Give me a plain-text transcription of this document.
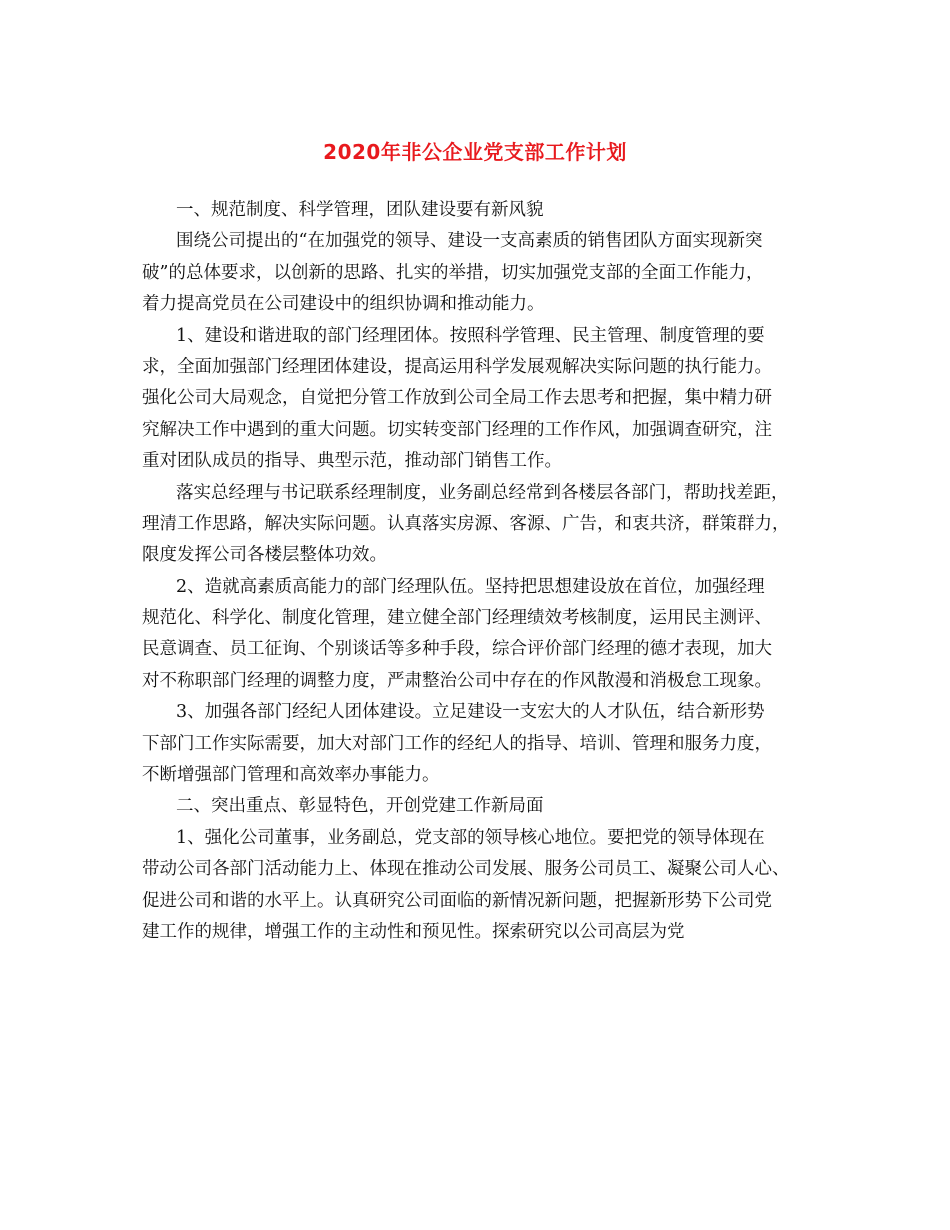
2020年非公企业党支部工作计划
一、规范制度、科学管理，团队建设要有新风貌
围绕公司提出的“在加强党的领导、建设一支高素质的销售团队方面实现新突
破”的总体要求，以创新的思路、扎实的举措，切实加强党支部的全面工作能力，
着力提高党员在公司建设中的组织协调和推动能力。
1、建设和谐进取的部门经理团体。按照科学管理、民主管理、制度管理的要
求，全面加强部门经理团体建设，提高运用科学发展观解决实际问题的执行能力。
强化公司大局观念，自觉把分管工作放到公司全局工作去思考和把握，集中精力研
究解决工作中遇到的重大问题。切实转变部门经理的工作作风，加强调查研究，注
重对团队成员的指导、典型示范，推动部门销售工作。
落实总经理与书记联系经理制度，业务副总经常到各楼层各部门，帮助找差距，
理清工作思路，解决实际问题。认真落实房源、客源、广告，和衷共济，群策群力，
限度发挥公司各楼层整体功效。
2、造就高素质高能力的部门经理队伍。坚持把思想建设放在首位，加强经理
规范化、科学化、制度化管理，建立健全部门经理绩效考核制度，运用民主测评、
民意调查、员工征询、个别谈话等多种手段，综合评价部门经理的德才表现，加大
对不称职部门经理的调整力度，严肃整治公司中存在的作风散漫和消极怠工现象。
3、加强各部门经纪人团体建设。立足建设一支宏大的人才队伍，结合新形势
下部门工作实际需要，加大对部门工作的经纪人的指导、培训、管理和服务力度，
不断增强部门管理和高效率办事能力。
二、突出重点、彰显特色，开创党建工作新局面
1、强化公司董事，业务副总，党支部的领导核心地位。要把党的领导体现在
带动公司各部门活动能力上、体现在推动公司发展、服务公司员工、凝聚公司人心、
促进公司和谐的水平上。认真研究公司面临的新情况新问题，把握新形势下公司党
建工作的规律，增强工作的主动性和预见性。探索研究以公司高层为党
